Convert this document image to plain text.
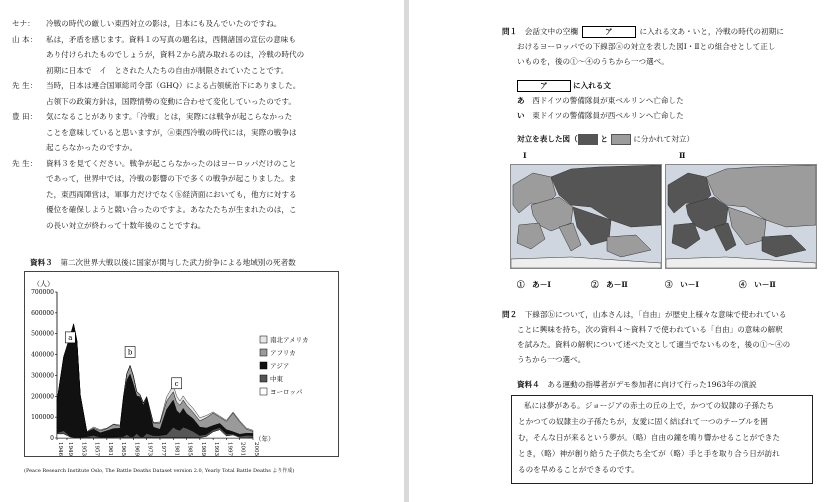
セナ： 冷戦の時代の厳しい東西対立の影は，日本にも及んでいたのですね。
山 本： 私は，矛盾を感じます。資料１の写真の題名は，西側諸国の宣伝の意味も
あり付けられたものでしょうが，資料２から読み取れるのは，冷戦の時代の
初期に日本で　イ　とされた人たちの自由が制限されていたことです。
先 生： 当時，日本は連合国軍総司令部（GHQ）による占領統治下にありました。
占領下の政策方針は，国際情勢の変動に合わせて変化していったのです。
豊 田： 気になることがあります。「冷戦」とは，実際には戦争が起こらなかった
ことを意味していると思いますが，ⓐ東西冷戦の時代には，実際の戦争は
起こらなかったのですか。
先 生： 資料３を見てください。戦争が起こらなかったのはヨーロッパだけのこと
であって，世界中では，冷戦の影響の下で多くの戦争が起こりました。ま
た，東西両陣営は，軍事力だけでなくⓑ経済面においても，他方に対する
優位を確保しようと競い合ったのですよ。あなたたちが生まれたのは，こ
の長い対立が終わって十数年後のことですね。
資料３　 第二次世界大戦以後に国家が関与した武力紛争による地域別の死者数
（人）
0
100000
200000
300000
400000
500000
600000
700000
1946 1949 1953 1957 1961 1965 1969 1973 1977 1981 1985 1989 1993 1997 2001 2005
（年）
a
b
c
南北アメリカ
アフリカ
アジア
中東
ヨーロッパ
(Peace Research Institute Oslo, The Battle Deaths Dataset version 2.0, Yearly Total Battle Deaths より作成)
問１　 会話文中の空欄	ア	に入れる文あ・いと，冷戦の時代の初期に
おけるヨーロッパでの下線部ⓐの対立を表した図Ⅰ・Ⅱとの組合せとして正し
いものを，後の①～④のうちから一つ選べ。
ア	に入れる文
あ　 西ドイツの警備隊員が東ベルリンへ亡命した
い　 東ドイツの警備隊員が西ベルリンへ亡命した
対立を表した図（	と	に分かれて対立）
Ⅰ	Ⅱ
①　あ－Ⅰ	②　あ－Ⅱ	③　い－Ⅰ	④　い－Ⅱ
問２　 下線部ⓑについて，山本さんは，「自由」が歴史上様々な意味で使われている
ことに興味を持ち，次の資料４～資料７で使われている「自由」の意味の解釈
を試みた。資料の解釈について述べた文として適当でないものを，後の①～④の
うちから一つ選べ。
資料４　 ある運動の指導者がデモ参加者に向けて行った1963年の演説
私には夢がある。ジョージアの赤土の丘の上で，かつての奴隷の子孫たち
とかつての奴隷主の子孫たちが，友愛に固く結ばれて一つのテーブルを囲
む，そんな日が来るという夢が。（略）自由の鐘を鳴り響かせることができた
とき，（略）神が創り給うた子供たち全てが（略）手と手を取り合う日が訪れ
るのを早めることができるのです。
